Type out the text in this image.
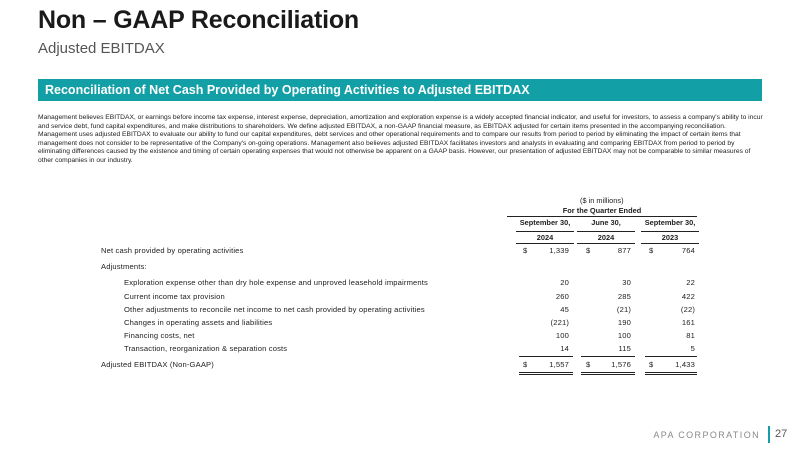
Non – GAAP Reconciliation
Adjusted EBITDAX
Reconciliation of Net Cash Provided by Operating Activities to Adjusted EBITDAX

Management believes EBITDAX, or earnings before income tax expense, interest expense, depreciation, amortization and exploration expense is a widely accepted financial indicator, and useful for investors, to assess a company's ability to incur and service debt, fund capital expenditures, and make distributions to shareholders. We define adjusted EBITDAX, a non-GAAP financial measure, as EBITDAX adjusted for certain items presented in the accompanying reconciliation. Management uses adjusted EBITDAX to evaluate our ability to fund our capital expenditures, debt services and other operational requirements and to compare our results from period to period by eliminating the impact of certain items that management does not consider to be representative of the Company's on-going operations. Management also believes adjusted EBITDAX facilitates investors and analysts in evaluating and comparing EBITDAX from period to period by eliminating differences caused by the existence and timing of certain operating expenses that would not otherwise be apparent on a GAAP basis. However, our presentation of adjusted EBITDAX may not be comparable to similar measures of other companies in our industry.

($ in millions)
For the Quarter Ended
September 30,	June 30,	September 30,
2024	2024	2023
Net cash provided by operating activities	$	1,339 $	877 $	764
Adjustments:
Exploration expense other than dry hole expense and unproved leasehold impairments	20	30	22
Current income tax provision	260	285	422
Other adjustments to reconcile net income to net cash provided by operating activities	45	(21)	(22)
Changes in operating assets and liabilities	(221)	190	161
Financing costs, net	100	100	81
Transaction, reorganization & separation costs	14	115	5
Adjusted EBITDAX (Non-GAAP)	$	1,557 $	1,576 $	1,433
APA CORPORATION 27
